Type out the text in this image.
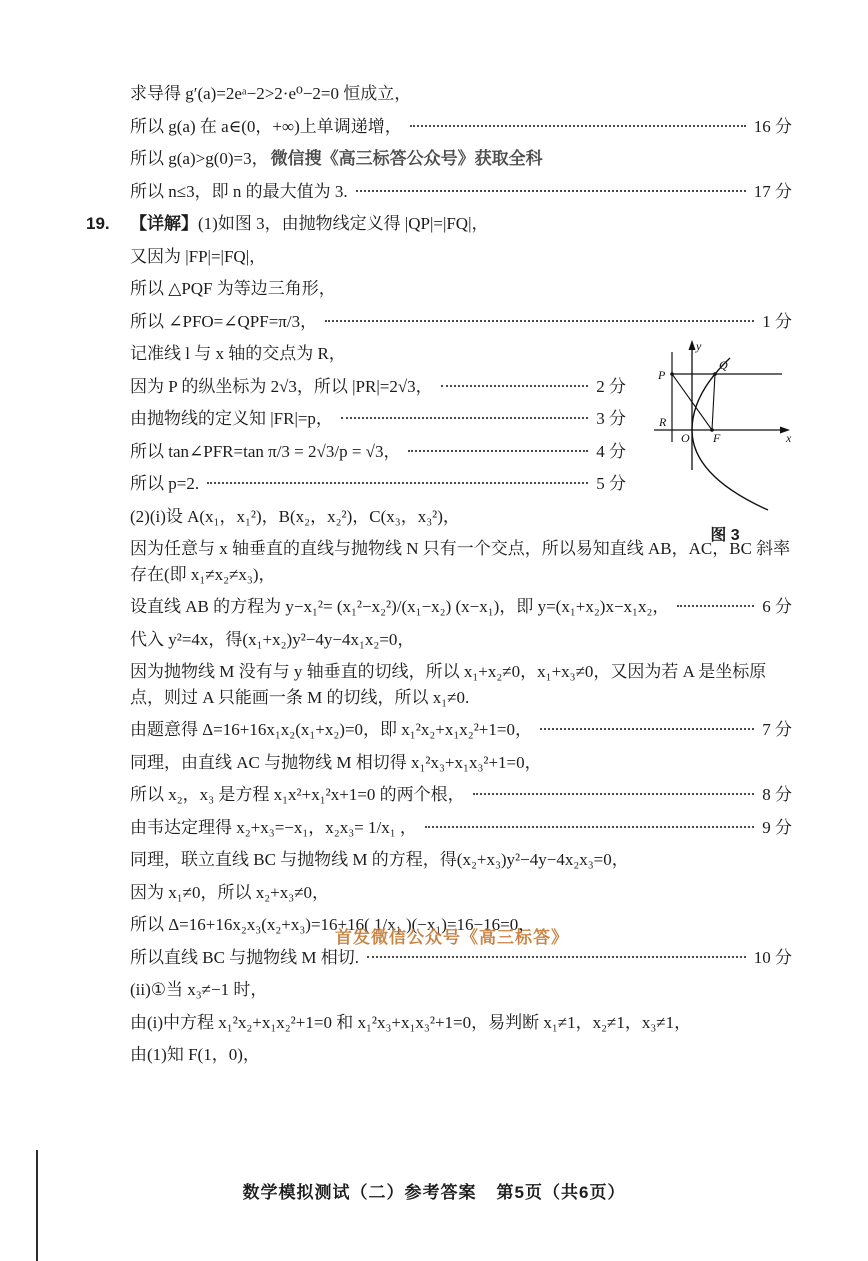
求导得 g′(a)=2eᵃ−2>2·e⁰−2=0 恒成立，
所以 g(a) 在 a∈(0，+∞)上单调递增，	16 分
所以 g(a)>g(0)=3， 微信搜《高三标答公众号》获取全科
所以 n≤3，即 n 的最大值为 3.	17 分
19. 【详解】 (1)如图 3，由抛物线定义得 |QP|=|FQ|，
又因为 |FP|=|FQ|，
所以 △PQF 为等边三角形，
所以 ∠PFO=∠QPF=π/3，	1 分
记准线 l 与 x 轴的交点为 R，
因为 P 的纵坐标为 2√3，所以 |PR|=2√3，	2 分
由抛物线的定义知 |FR|=p，	3 分
所以 tan∠PFR=tan π/3 = 2√3/p = √3，	4 分
所以 p=2.	5 分
(2)(i)设 A(x₁，x₁²)，B(x₂，x₂²)，C(x₃，x₃²)，
因为任意与 x 轴垂直的直线与抛物线 N 只有一个交点，所以易知直线 AB，AC，BC 斜率存在(即 x₁≠x₂≠x₃)，
设直线 AB 的方程为 y−x₁²= (x₁²−x₂²)/(x₁−x₂) (x−x₁)，即 y=(x₁+x₂)x−x₁x₂，	6 分
代入 y²=4x，得(x₁+x₂)y²−4y−4x₁x₂=0，
因为抛物线 M 没有与 y 轴垂直的切线，所以 x₁+x₂≠0，x₁+x₃≠0，又因为若 A 是坐标原点，则过 A 只能画一条 M 的切线，所以 x₁≠0.
由题意得 Δ=16+16x₁x₂(x₁+x₂)=0，即 x₁²x₂+x₁x₂²+1=0，	7 分
同理，由直线 AC 与抛物线 M 相切得 x₁²x₃+x₁x₃²+1=0，
所以 x₂，x₃ 是方程 x₁x²+x₁²x+1=0 的两个根，	8 分
由韦达定理得 x₂+x₃=−x₁，x₂x₃= 1/x₁ ，	9 分
同理，联立直线 BC 与抛物线 M 的方程，得(x₂+x₃)y²−4y−4x₂x₃=0，
因为 x₁≠0，所以 x₂+x₃≠0，
所以 Δ=16+16x₂x₃(x₂+x₃)=16+16( 1/x₁ )(−x₁)=16−16=0，
首发微信公众号《高三标答》
所以直线 BC 与抛物线 M 相切.	10 分
(ii)①当 x₃≠−1 时，
由(i)中方程 x₁²x₂+x₁x₂²+1=0 和 x₁²x₃+x₁x₃²+1=0，易判断 x₁≠1，x₂≠1，x₃≠1，
由(1)知 F(1，0)，
y
x
P
Q
R
O F
图 3
数学模拟测试（二）参考答案 第5页（共6页）
